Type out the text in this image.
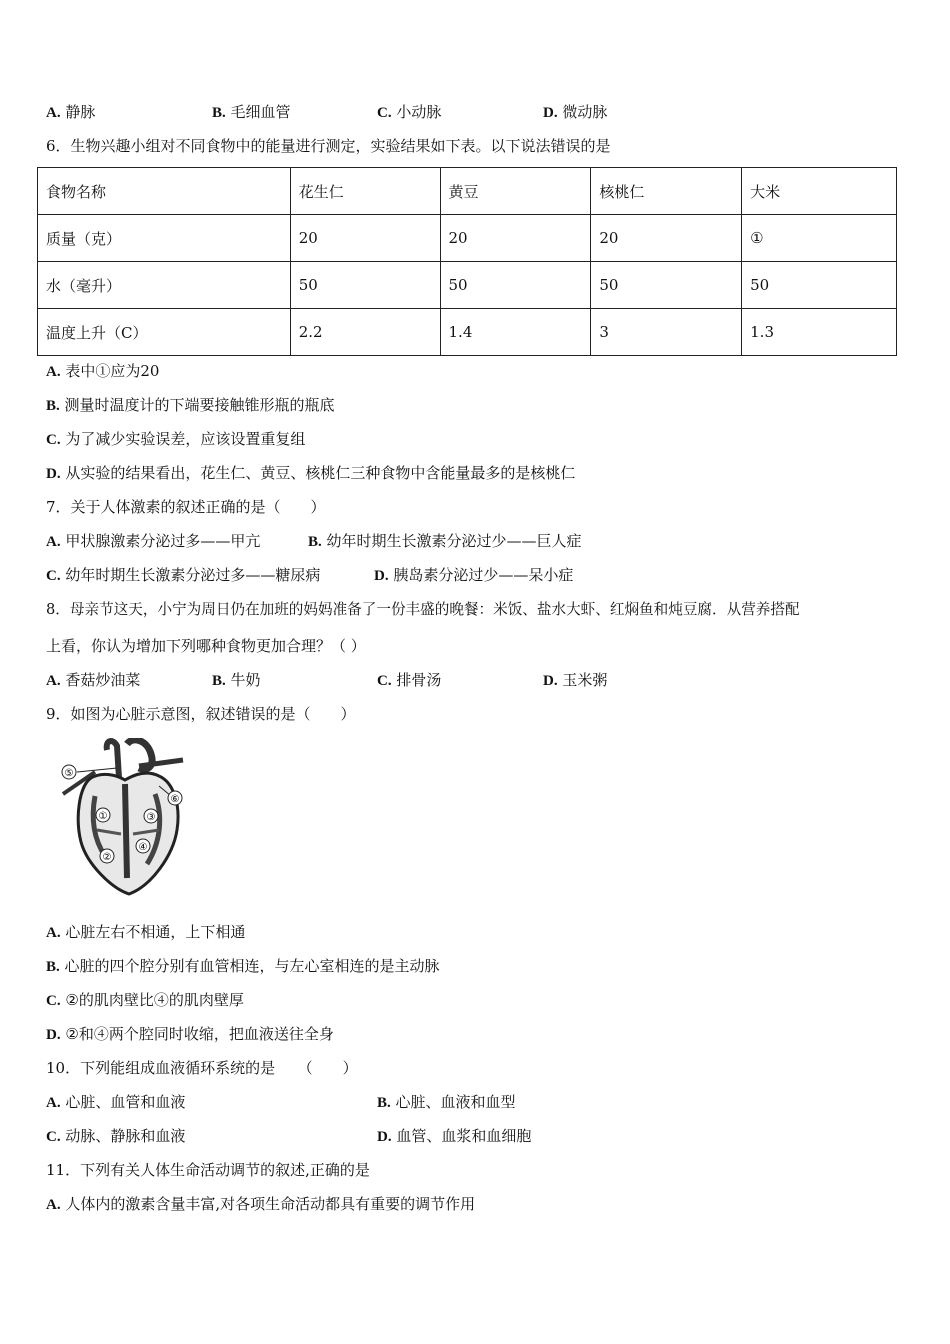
A. 静脉	B. 毛细血管	C. 小动脉	D. 微动脉
6．生物兴趣小组对不同食物中的能量进行测定，实验结果如下表。以下说法错误的是
食物名称	花生仁	黄豆	核桃仁	大米
质量（克）	20	20	20	①
水（毫升）	50	50	50	50
温度上升（C）	2.2	1.4	3	1.3
A. 表中①应为20
B. 测量时温度计的下端要接触锥形瓶的瓶底
C. 为了减少实验误差，应该设置重复组
D. 从实验的结果看出，花生仁、黄豆、核桃仁三种食物中含能量最多的是核桃仁
7．关于人体激素的叙述正确的是（　　）
A. 甲状腺激素分泌过多——甲亢	B. 幼年时期生长激素分泌过少——巨人症
C. 幼年时期生长激素分泌过多——糖尿病	D. 胰岛素分泌过少——呆小症
8．母亲节这天，小宁为周日仍在加班的妈妈准备了一份丰盛的晚餐：米饭、盐水大虾、红焖鱼和炖豆腐．从营养搭配
上看，你认为增加下列哪种食物更加合理？（ ）
A. 香菇炒油菜	B. 牛奶	C. 排骨汤	D. 玉米粥
9．如图为心脏示意图，叙述错误的是（　　）
①
②
③
④
⑤
⑥
A. 心脏左右不相通，上下相通
B. 心脏的四个腔分别有血管相连，与左心室相连的是主动脉
C. ②的肌肉壁比④的肌肉壁厚
D. ②和④两个腔同时收缩，把血液送往全身
10．下列能组成血液循环系统的是　　（　　）
A. 心脏、血管和血液	B. 心脏、血液和血型
C. 动脉、静脉和血液	D. 血管、血浆和血细胞
11．下列有关人体生命活动调节的叙述,正确的是
A. 人体内的激素含量丰富,对各项生命活动都具有重要的调节作用
